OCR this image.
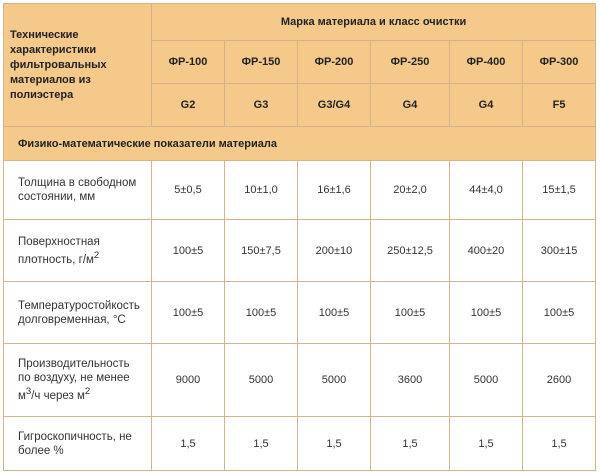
Технические характеристики фильтровальных материалов из полиэстера	Марка материала и класс очистки					
	ФР-100	ФР-150	ФР-200	ФР-250	ФР-400	ФР-300
	G2	G3	G3/G4	G4	G4	F5
Физико-математические показатели материала						
Толщина в свободном состоянии, мм	5±0,5	10±1,0	16±1,6	20±2,0	44±4,0	15±1,5
Поверхностная плотность, $г/м^2$	100±5	150±7,5	200±10	250±12,5	400±20	300±15
Температуростойкость долговременная, °С	100±5	100±5	100±5	100±5	100±5	100±5
Производительность по воздуху, не менее $м^3/ч$ через $м^2$	9000	5000	5000	3600	5000	2600
Гигроскопичность, не более %	1,5	1,5	1,5	1,5	1,5	1,5
